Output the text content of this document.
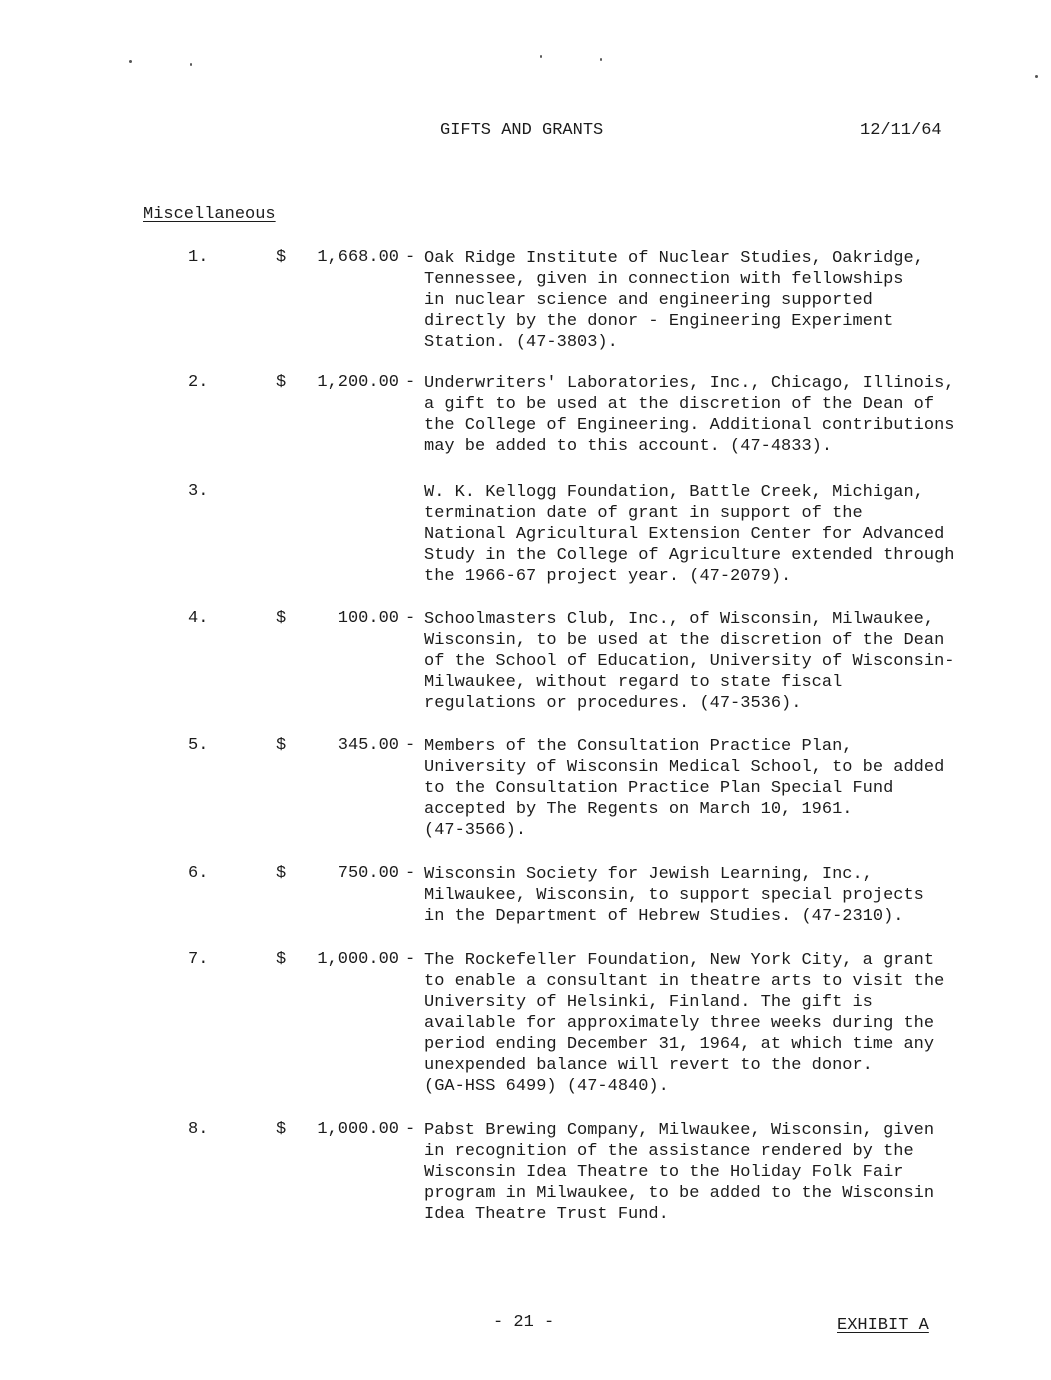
GIFTS AND GRANTS	12/11/64
Miscellaneous
1.	$ 1,668.00 - Oak Ridge Institute of Nuclear Studies, Oakridge,
Tennessee, given in connection with fellowships
in nuclear science and engineering supported
directly by the donor - Engineering Experiment
Station. (47-3803).
2.	$ 1,200.00 - Underwriters' Laboratories, Inc., Chicago, Illinois,
a gift to be used at the discretion of the Dean of
the College of Engineering. Additional contributions
may be added to this account. (47-4833).
3.	W. K. Kellogg Foundation, Battle Creek, Michigan,
termination date of grant in support of the
National Agricultural Extension Center for Advanced
Study in the College of Agriculture extended through
the 1966-67 project year. (47-2079).
4.	$	100.00 - Schoolmasters Club, Inc., of Wisconsin, Milwaukee,
Wisconsin, to be used at the discretion of the Dean
of the School of Education, University of Wisconsin-
Milwaukee, without regard to state fiscal
regulations or procedures. (47-3536).
5.	$	345.00 - Members of the Consultation Practice Plan,
University of Wisconsin Medical School, to be added
to the Consultation Practice Plan Special Fund
accepted by The Regents on March 10, 1961.
(47-3566).
6.	$	750.00 - Wisconsin Society for Jewish Learning, Inc.,
Milwaukee, Wisconsin, to support special projects
in the Department of Hebrew Studies. (47-2310).
7.	$ 1,000.00 - The Rockefeller Foundation, New York City, a grant
to enable a consultant in theatre arts to visit the
University of Helsinki, Finland. The gift is
available for approximately three weeks during the
period ending December 31, 1964, at which time any
unexpended balance will revert to the donor.
(GA-HSS 6499) (47-4840).
8.	$ 1,000.00 - Pabst Brewing Company, Milwaukee, Wisconsin, given
in recognition of the assistance rendered by the
Wisconsin Idea Theatre to the Holiday Folk Fair
program in Milwaukee, to be added to the Wisconsin
Idea Theatre Trust Fund.
- 21 -	EXHIBIT A
